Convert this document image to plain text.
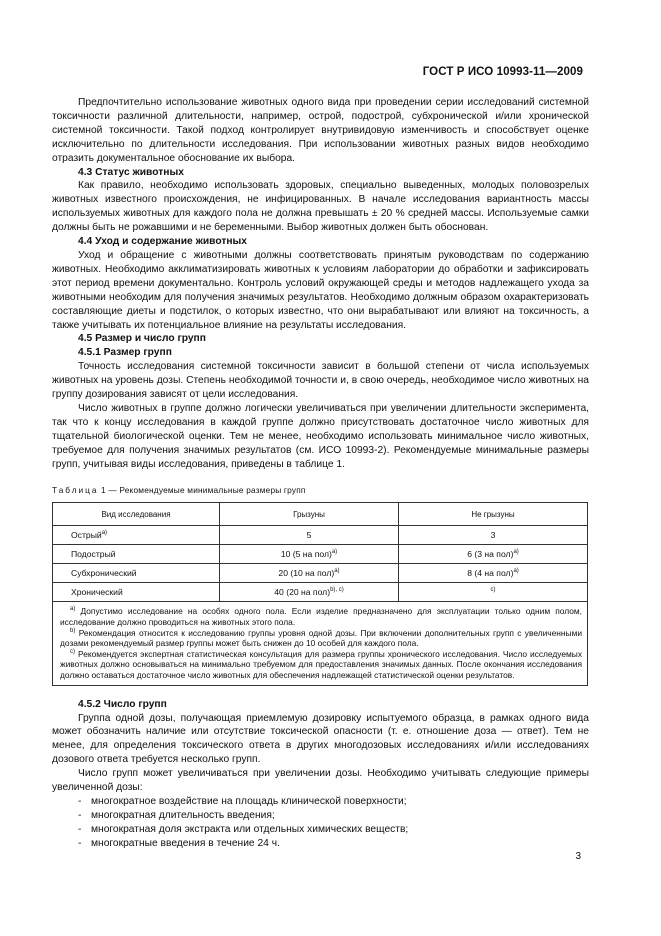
ГОСТ Р ИСО 10993-11—2009

Предпочтительно использование животных одного вида при проведении серии исследований системной токсичности различной длительности, например, острой, подострой, субхронической и/или хронической системной токсичности. Такой подход контролирует внутривидовую изменчивость и способствует оценке исключительно по длительности исследования. При использовании животных разных видов необходимо отразить документальное обоснование их выбора.

4.3 Статус животных

Как правило, необходимо использовать здоровых, специально выведенных, молодых половозрелых животных известного происхождения, не инфицированных. В начале исследования вариантность массы используемых животных для каждого пола не должна превышать ± 20 % средней массы. Используемые самки должны быть не рожавшими и не беременными. Выбор животных должен быть обоснован.

4.4 Уход и содержание животных

Уход и обращение с животными должны соответствовать принятым руководствам по содержанию животных. Необходимо акклиматизировать животных к условиям лаборатории до обработки и зафиксировать этот период времени документально. Контроль условий окружающей среды и методов надлежащего ухода за животными необходим для получения значимых результатов. Необходимо должным образом охарактеризовать составляющие диеты и подстилок, о которых известно, что они вырабатывают или влияют на токсичность, а также учитывать их потенциальное влияние на результаты исследования.

4.5 Размер и число групп
4.5.1 Размер групп

Точность исследования системной токсичности зависит в большой степени от числа используемых животных на уровень дозы. Степень необходимой точности и, в свою очередь, необходимое число животных на группу дозирования зависят от цели исследования.

Число животных в группе должно логически увеличиваться при увеличении длительности эксперимента, так что к концу исследования в каждой группе должно присутствовать достаточное число животных для тщательной биологической оценки. Тем не менее, необходимо использовать минимальное число животных, требуемое для получения значимых результатов (см. ИСО 10993-2). Рекомендуемые минимальные размеры групп, учитывая виды исследования, приведены в таблице 1.

Таблица 1 — Рекомендуемые минимальные размеры групп
Вид исследования	Грызуны	Не грызуны
Острый$^{a)}$	5	3
Подострый	10 (5 на пол)$^{a)}$	6 (3 на пол)$^{a)}$
Субхронический	20 (10 на пол)$^{a)}$	8 (4 на пол)$^{a)}$
Хронический	40 (20 на пол)$^{b), c)}$	$^{c)}$

$^{a)}$ Допустимо исследование на особях одного пола. Если изделие предназначено для эксплуатации только одним полом, исследование должно проводиться на животных этого пола.
$^{b)}$ Рекомендация относится к исследованию группы уровня одной дозы. При включении дополнительных групп с увеличенными дозами рекомендуемый размер группы может быть снижен до 10 особей для каждого пола.
$^{c)}$ Рекомендуется экспертная статистическая консультация для размера группы хронического исследования. Число исследуемых животных должно основываться на минимально требуемом для предоставления значимых данных. После окончания исследования должно оставаться достаточное число животных для обеспечения надлежащей статистической оценки результатов.		
4.5.2 Число групп

Группа одной дозы, получающая приемлемую дозировку испытуемого образца, в рамках одного вида может обозначить наличие или отсутствие токсической опасности (т. е. отношение доза — ответ). Тем не менее, для определения токсического ответа в других многодозовых исследованиях и/или исследованиях дозового ответа требуется несколько групп.

Число групп может увеличиваться при увеличении дозы. Необходимо учитывать следующие примеры увеличенной дозы:

- многократное воздействие на площадь клинической поверхности;
- многократная длительность введения;
- многократная доля экстракта или отдельных химических веществ;
- многократные введения в течение 24 ч.
3
